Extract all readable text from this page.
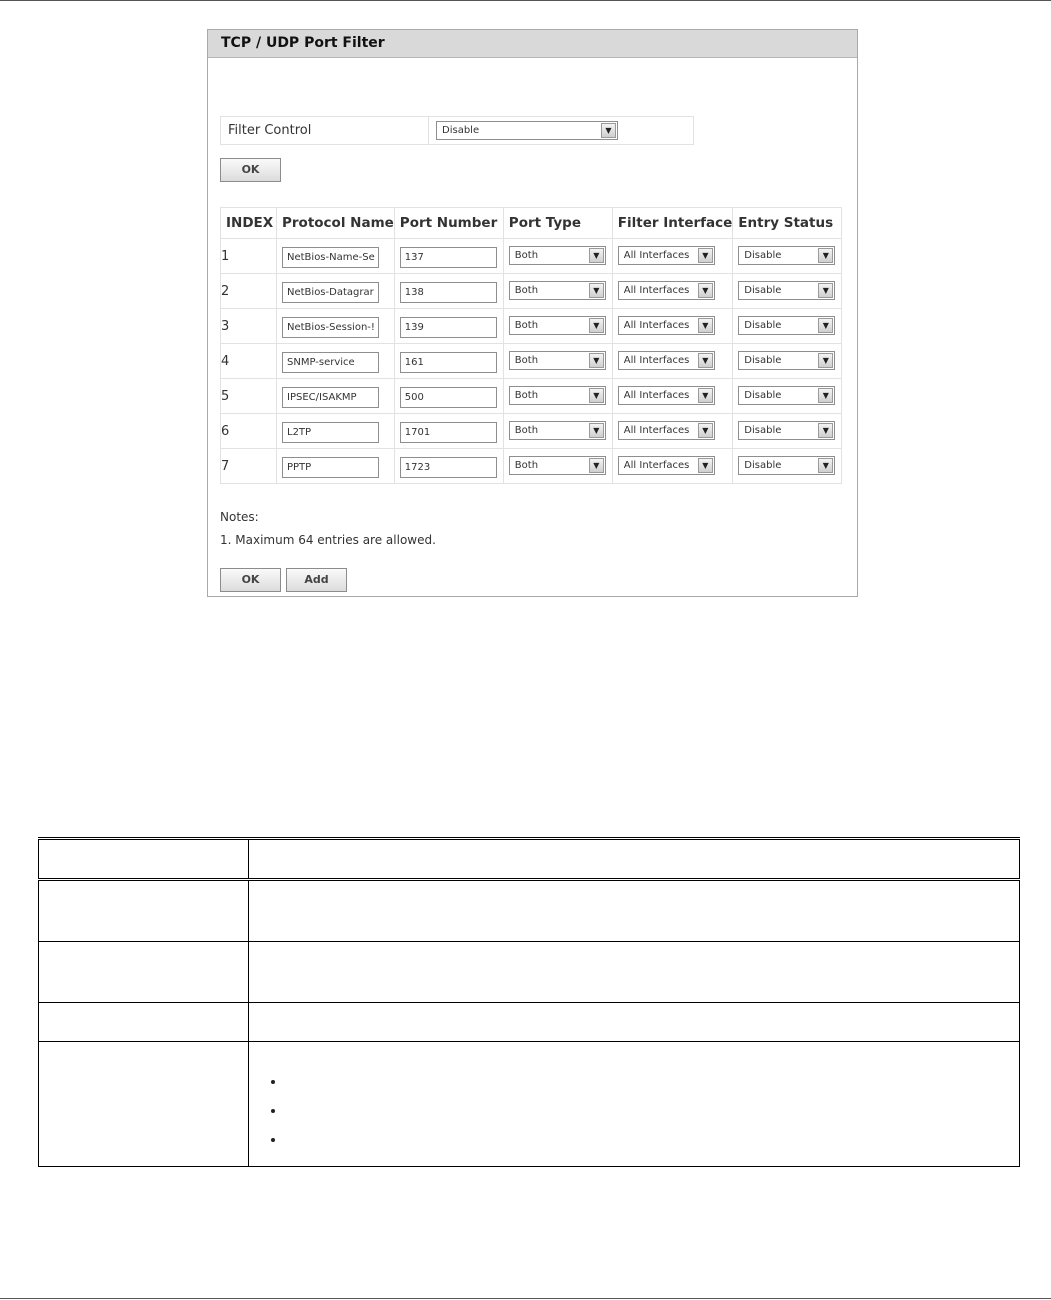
TCP / UDP Port Filter
Filter Control	Disable	▼
OK
INDEX	Protocol Name	Port Number	Port Type	Filter Interface	Entry Status
1	NetBios-Name-Se	137	Both ▼	All Interfaces ▼	Disable ▼

2	NetBios-Datagrar	138	Both ▼	All Interfaces ▼	Disable ▼

3	NetBios-Session-!	139	Both ▼	All Interfaces ▼	Disable ▼

4	SNMP-service	161	Both ▼	All Interfaces ▼	Disable ▼

5	IPSEC/ISAKMP	500	Both ▼	All Interfaces ▼	Disable ▼

6	L2TP	1701	Both ▼	All Interfaces ▼	Disable ▼

7	PPTP	1723	Both ▼	All Interfaces ▼	Disable ▼
Notes:
1. Maximum 64 entries are allowed.
OK	Add

•
•
•
